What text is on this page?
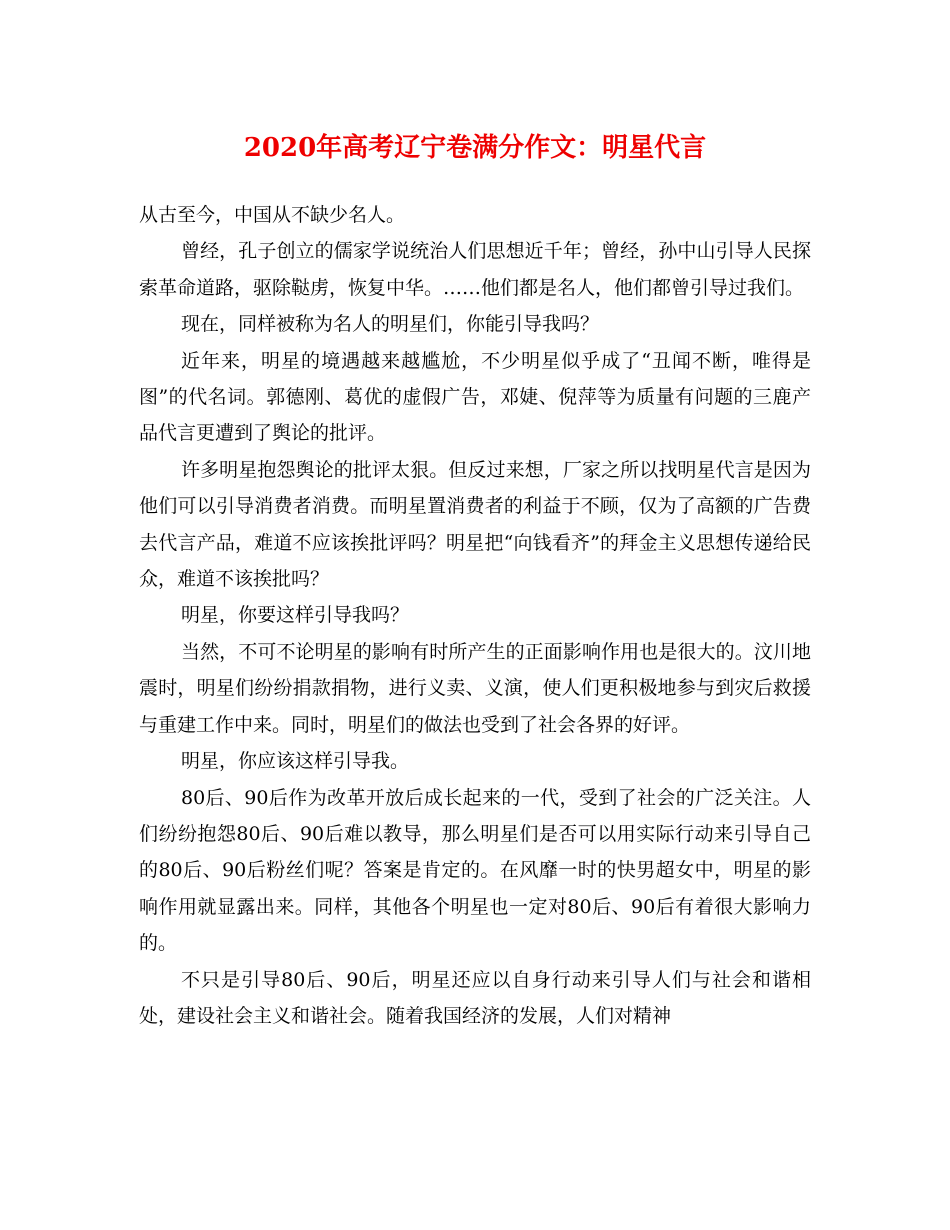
2020年高考辽宁卷满分作文：明星代言

从古至今，中国从不缺少名人。

曾经，孔子创立的儒家学说统治人们思想近千年；曾经，孙中山引导人民探索革命道路，驱除鞑虏，恢复中华。……他们都是名人，他们都曾引导过我们。

现在，同样被称为名人的明星们，你能引导我吗？

近年来，明星的境遇越来越尴尬，不少明星似乎成了“丑闻不断，唯得是图”的代名词。郭德刚、葛优的虚假广告，邓婕、倪萍等为质量有问题的三鹿产品代言更遭到了舆论的批评。

许多明星抱怨舆论的批评太狠。但反过来想，厂家之所以找明星代言是因为他们可以引导消费者消费。而明星置消费者的利益于不顾，仅为了高额的广告费去代言产品，难道不应该挨批评吗？明星把“向钱看齐”的拜金主义思想传递给民众，难道不该挨批吗？

明星，你要这样引导我吗？

当然，不可不论明星的影响有时所产生的正面影响作用也是很大的。汶川地震时，明星们纷纷捐款捐物，进行义卖、义演，使人们更积极地参与到灾后救援与重建工作中来。同时，明星们的做法也受到了社会各界的好评。

明星，你应该这样引导我。

80后、90后作为改革开放后成长起来的一代，受到了社会的广泛关注。人们纷纷抱怨80后、90后难以教导，那么明星们是否可以用实际行动来引导自己的80后、90后粉丝们呢？答案是肯定的。在风靡一时的快男超女中，明星的影响作用就显露出来。同样，其他各个明星也一定对80后、90后有着很大影响力的。

不只是引导80后、90后，明星还应以自身行动来引导人们与社会和谐相处，建设社会主义和谐社会。随着我国经济的发展，人们对精神
